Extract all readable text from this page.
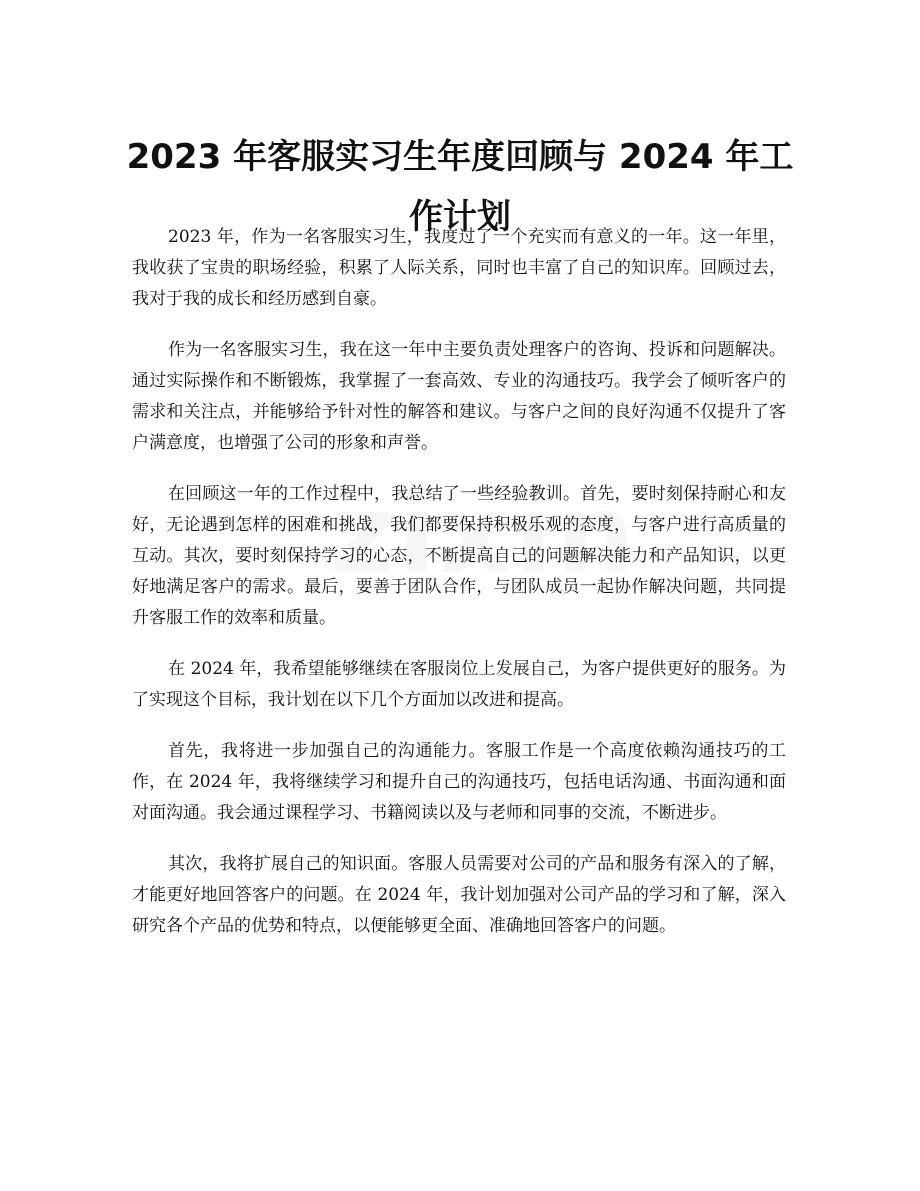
2023 年客服实习生年度回顾与 2024 年工作计划

2023 年，作为一名客服实习生，我度过了一个充实而有意义的一年。这一年里，我收获了宝贵的职场经验，积累了人际关系，同时也丰富了自己的知识库。回顾过去，我对于我的成长和经历感到自豪。

作为一名客服实习生，我在这一年中主要负责处理客户的咨询、投诉和问题解决。通过实际操作和不断锻炼，我掌握了一套高效、专业的沟通技巧。我学会了倾听客户的需求和关注点，并能够给予针对性的解答和建议。与客户之间的良好沟通不仅提升了客户满意度，也增强了公司的形象和声誉。

在回顾这一年的工作过程中，我总结了一些经验教训。首先，要时刻保持耐心和友好，无论遇到怎样的困难和挑战，我们都要保持积极乐观的态度，与客户进行高质量的互动。其次，要时刻保持学习的心态，不断提高自己的问题解决能力和产品知识，以更好地满足客户的需求。最后，要善于团队合作，与团队成员一起协作解决问题，共同提升客服工作的效率和质量。

在 2024 年，我希望能够继续在客服岗位上发展自己，为客户提供更好的服务。为了实现这个目标，我计划在以下几个方面加以改进和提高。

首先，我将进一步加强自己的沟通能力。客服工作是一个高度依赖沟通技巧的工作，在 2024 年，我将继续学习和提升自己的沟通技巧，包括电话沟通、书面沟通和面对面沟通。我会通过课程学习、书籍阅读以及与老师和同事的交流，不断进步。

其次，我将扩展自己的知识面。客服人员需要对公司的产品和服务有深入的了解，才能更好地回答客户的问题。在 2024 年，我计划加强对公司产品的学习和了解，深入研究各个产品的优势和特点，以便能够更全面、准确地回答客户的问题。
